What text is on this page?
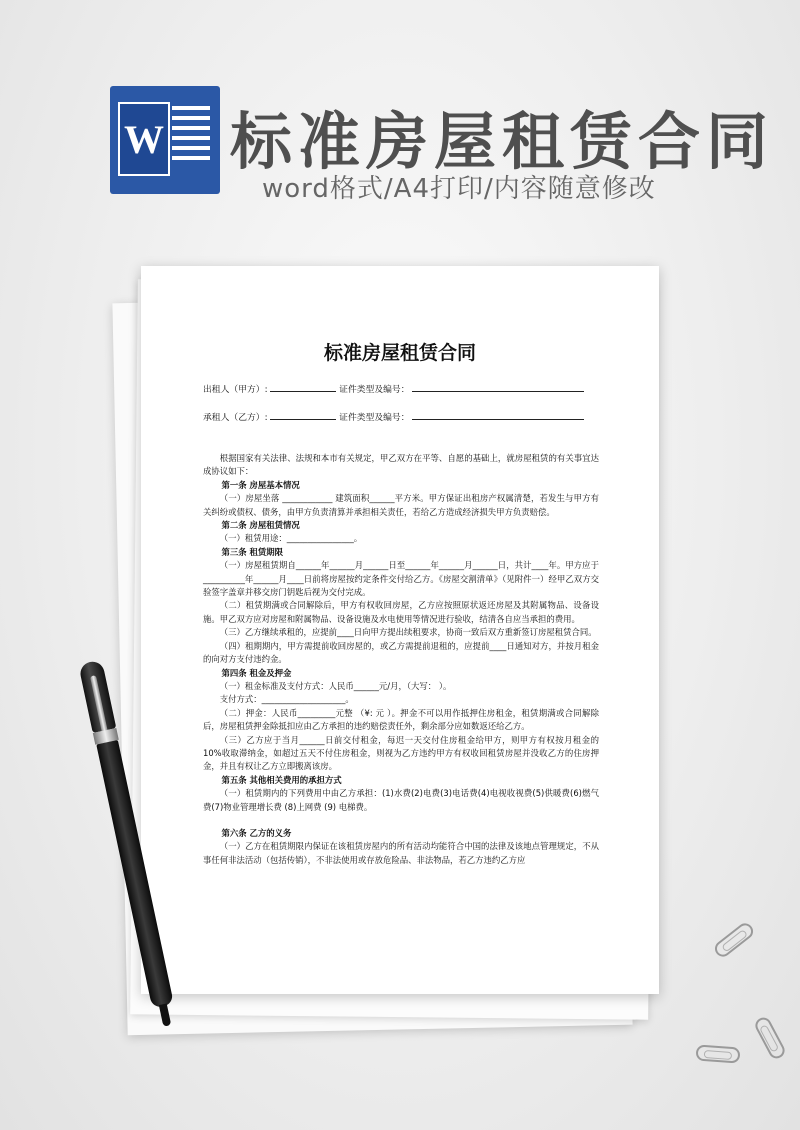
W 标准房屋租赁合同
word格式/A4打印/内容随意修改
标准房屋租赁合同
出租人（甲方）:	证件类型及编号：
承租人（乙方）:	证件类型及编号：

根据国家有关法律、法规和本市有关规定，甲乙双方在平等、自愿的基础上，就房屋租赁的有关事宜达成协议如下：

第一条 房屋基本情况

（一）房屋坐落 ____________ 建筑面积______平方米。甲方保证出租房产权属清楚，若发生与甲方有关纠纷或债权、债务，由甲方负责清算并承担相关责任，若给乙方造成经济损失甲方负责赔偿。

第二条 房屋租赁情况

（一）租赁用途：________________。

第三条 租赁期限

（一）房屋租赁期自______年______月______日至______年______月______日，共计____年。甲方应于__________年______月____日前将房屋按约定条件交付给乙方。《房屋交割清单》（见附件一）经甲乙双方交验签字盖章并移交房门钥匙后视为交付完成。

（二）租赁期满或合同解除后，甲方有权收回房屋，乙方应按照原状返还房屋及其附属物品、设备设施。甲乙双方应对房屋和附属物品、设备设施及水电使用等情况进行验收，结清各自应当承担的费用。

（三）乙方继续承租的，应提前____日向甲方提出续租要求，协商一致后双方重新签订房屋租赁合同。

（四）租期期内，甲方需提前收回房屋的，或乙方需提前退租的，应提前____日通知对方，并按月租金的向对方支付违约金。

第四条 租金及押金

（一）租金标准及支付方式：人民币______元/月，（大写： ）。

支付方式：____________________。

（二）押金：人民币_________元整 （¥: 元 ）。押金不可以用作抵押住房租金，租赁期满或合同解除后，房屋租赁押金除抵扣应由乙方承担的违约赔偿责任外，剩余部分应如数返还给乙方。

（三）乙方应于当月______日前交付租金，每迟一天交付住房租金给甲方，则甲方有权按月租金的 10%收取滞纳金，如超过五天不付住房租金，则视为乙方违约甲方有权收回租赁房屋并没收乙方的住房押金，并且有权让乙方立即搬离该房。

第五条 其他相关费用的承担方式

（一）租赁期内的下列费用中由乙方承担：(1)水费(2)电费(3)电话费(4)电视收视费(5)供暖费(6)燃气费(7)物业管理增长费 (8)上网费 (9) 电梯费。

第六条 乙方的义务

（一）乙方在租赁期限内保证在该租赁房屋内的所有活动均能符合中国的法律及该地点管理规定，不从事任何非法活动（包括传销），不非法使用或存放危险品、非法物品，若乙方违约乙方应
